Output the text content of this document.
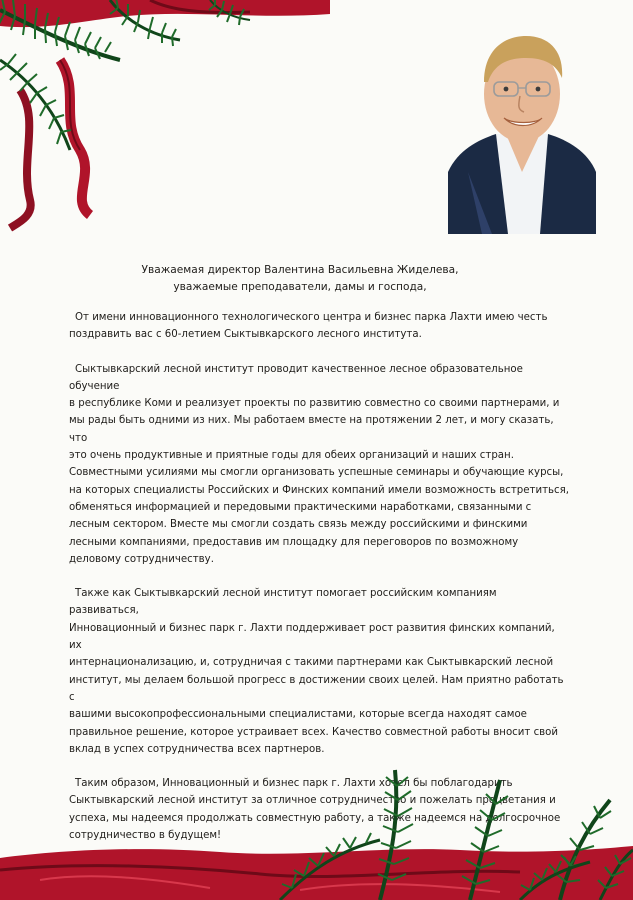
Уважаемая директор Валентина Васильевна Жиделева,
уважаемые преподаватели, дамы и господа,

От имени инновационного технологического центра и бизнес парка Лахти имею честь
поздравить вас с 60-летием Сыктывкарского лесного института.

Сыктывкарский лесной институт проводит качественное лесное образовательное обучение
в республике Коми и реализует проекты по развитию совместно со своими партнерами, и
мы рады быть одними из них. Мы работаем вместе на протяжении 2 лет, и могу сказать, что
это очень продуктивные и приятные годы для обеих организаций и наших стран.
Совместными усилиями мы смогли организовать успешные семинары и обучающие курсы,
на которых специалисты Российских и Финских компаний имели возможность встретиться,
обменяться информацией и передовыми практическими наработками, связанными с
лесным сектором. Вместе мы смогли создать связь между российскими и финскими
лесными компаниями, предоставив им площадку для переговоров по возможному
деловому сотрудничеству.

Также как Сыктывкарский лесной институт помогает российским компаниям развиваться,
Инновационный и бизнес парк г. Лахти поддерживает рост развития финских компаний, их
интернационализацию, и, сотрудничая с такими партнерами как Сыктывкарский лесной
институт, мы делаем большой прогресс в достижении своих целей. Нам приятно работать с
вашими высокопрофессиональными специалистами, которые всегда находят самое
правильное решение, которое устраивает всех. Качество совместной работы вносит свой
вклад в успех сотрудничества всех партнеров.

Таким образом, Инновационный и бизнес парк г. Лахти хотел бы поблагодарить
Сыктывкарский лесной институт за отличное сотрудничество и пожелать процветания и
успеха, мы надеемся продолжать совместную работу, а также надеемся на долгосрочное
сотрудничество в будущем!
